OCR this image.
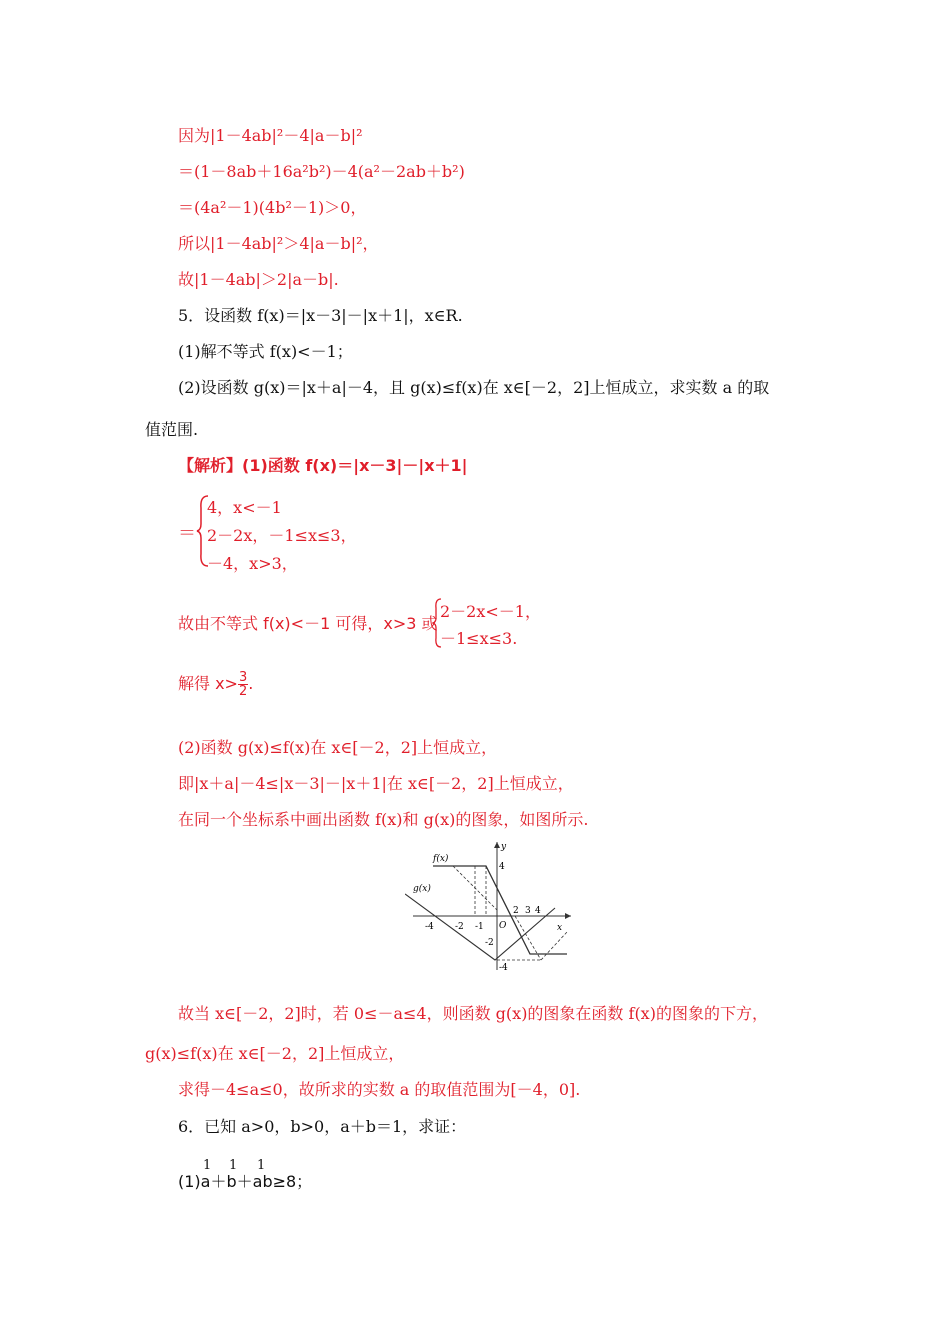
因为|1－4ab|²－4|a－b|²
＝(1－8ab＋16a²b²)－4(a²－2ab＋b²)
＝(4a²－1)(4b²－1)＞0，
所以|1－4ab|²＞4|a－b|²，
故|1－4ab|＞2|a－b|.
5．设函数 f(x)＝|x－3|－|x＋1|，x∈R.
(1)解不等式 f(x)<－1；
(2)设函数 g(x)＝|x＋a|－4，且 g(x)≤f(x)在 x∈[－2，2]上恒成立，求实数 a 的取
值范围.
【解析】(1)函数 f(x)＝|x－3|－|x＋1|
＝
4，x<－1
2－2x，－1≤x≤3，
－4，x>3，
故由不等式 f(x)<－1 可得，x>3 或
2－2x<－1，
－1≤x≤3.
解得 $x> \frac{3}{2}$ .
(2)函数 g(x)≤f(x)在 x∈[－2，2]上恒成立，
即|x＋a|－4≤|x－3|－|x＋1|在 x∈[－2，2]上恒成立，
在同一个坐标系中画出函数 f(x)和 g(x)的图象，如图所示.
f(x)
g(x)
y
x
O
4
2 3 4
-4 -2 -1
-2
-4
故当 x∈[－2，2]时，若 0≤－a≤4，则函数 g(x)的图象在函数 f(x)的图象的下方，
g(x)≤f(x)在 x∈[－2，2]上恒成立，
求得－4≤a≤0，故所求的实数 a 的取值范围为[－4，0].
6．已知 a>0，b>0，a＋b＝1，求证：
1 1 1
(1)a＋b＋ab≥8；
